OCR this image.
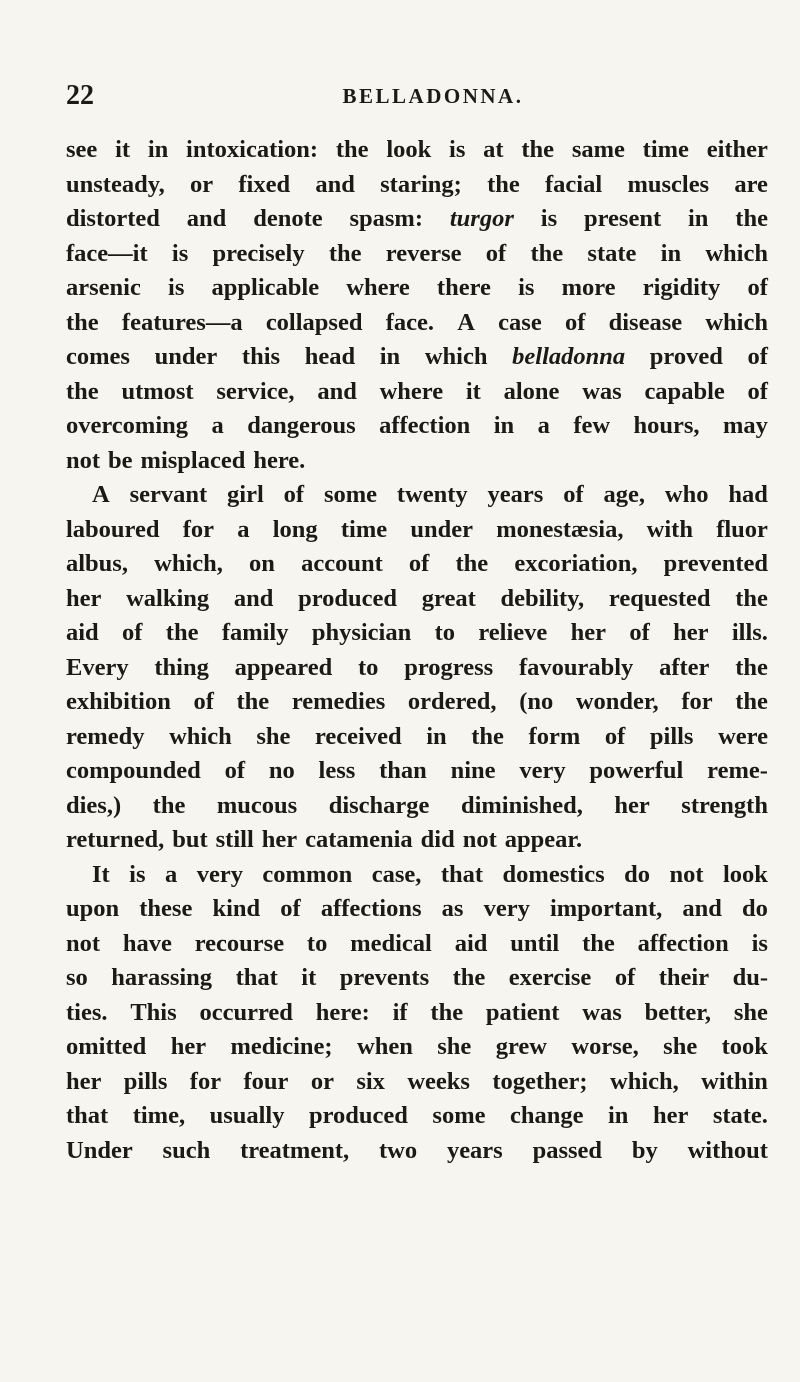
22	BELLADONNA.
see it in intoxication: the look is at the same time either
unsteady, or fixed and staring; the facial muscles are
distorted and denote spasm: turgor is present in the
face—it is precisely the reverse of the state in which
arsenic is applicable where there is more rigidity of
the features—a collapsed face. A case of disease which
comes under this head in which belladonna proved of
the utmost service, and where it alone was capable of
overcoming a dangerous affection in a few hours, may
not be misplaced here.
A servant girl of some twenty years of age, who had
laboured for a long time under monestæsia, with fluor
albus, which, on account of the excoriation, prevented
her walking and produced great debility, requested the
aid of the family physician to relieve her of her ills.
Every thing appeared to progress favourably after the
exhibition of the remedies ordered, (no wonder, for the
remedy which she received in the form of pills were
compounded of no less than nine very powerful reme-
dies,) the mucous discharge diminished, her strength
returned, but still her catamenia did not appear.
It is a very common case, that domestics do not look
upon these kind of affections as very important, and do
not have recourse to medical aid until the affection is
so harassing that it prevents the exercise of their du-
ties. This occurred here: if the patient was better, she
omitted her medicine; when she grew worse, she took
her pills for four or six weeks together; which, within
that time, usually produced some change in her state.
Under such treatment, two years passed by without
